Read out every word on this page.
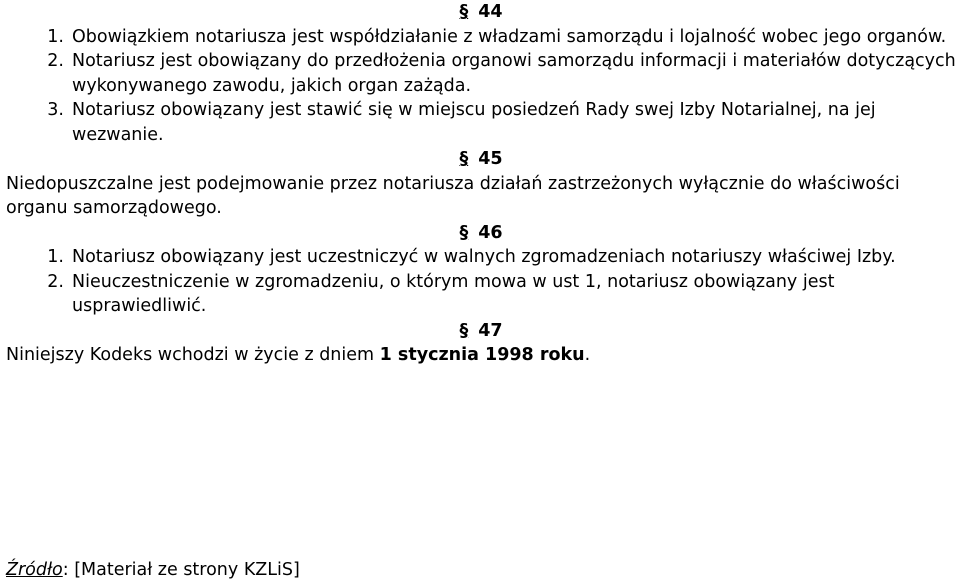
§ 44
1. Obowiązkiem notariusza jest współdziałanie z władzami samorządu i lojalność wobec jego organów.
2. Notariusz jest obowiązany do przedłożenia organowi samorządu informacji i materiałów dotyczących wykonywanego zawodu, jakich organ zażąda.
3. Notariusz obowiązany jest stawić się w miejscu posiedzeń Rady swej Izby Notarialnej, na jej wezwanie.
§ 45

Niedopuszczalne jest podejmowanie przez notariusza działań zastrzeżonych wyłącznie do właściwości organu samorządowego.

§ 46
1. Notariusz obowiązany jest uczestniczyć w walnych zgromadzeniach notariuszy właściwej Izby.
2. Nieuczestniczenie w zgromadzeniu, o którym mowa w ust 1, notariusz obowiązany jest usprawiedliwić.
§ 47

Niniejszy Kodeks wchodzi w życie z dniem 1 stycznia 1998 roku.

Źródło: [Materiał ze strony KZLiS]
